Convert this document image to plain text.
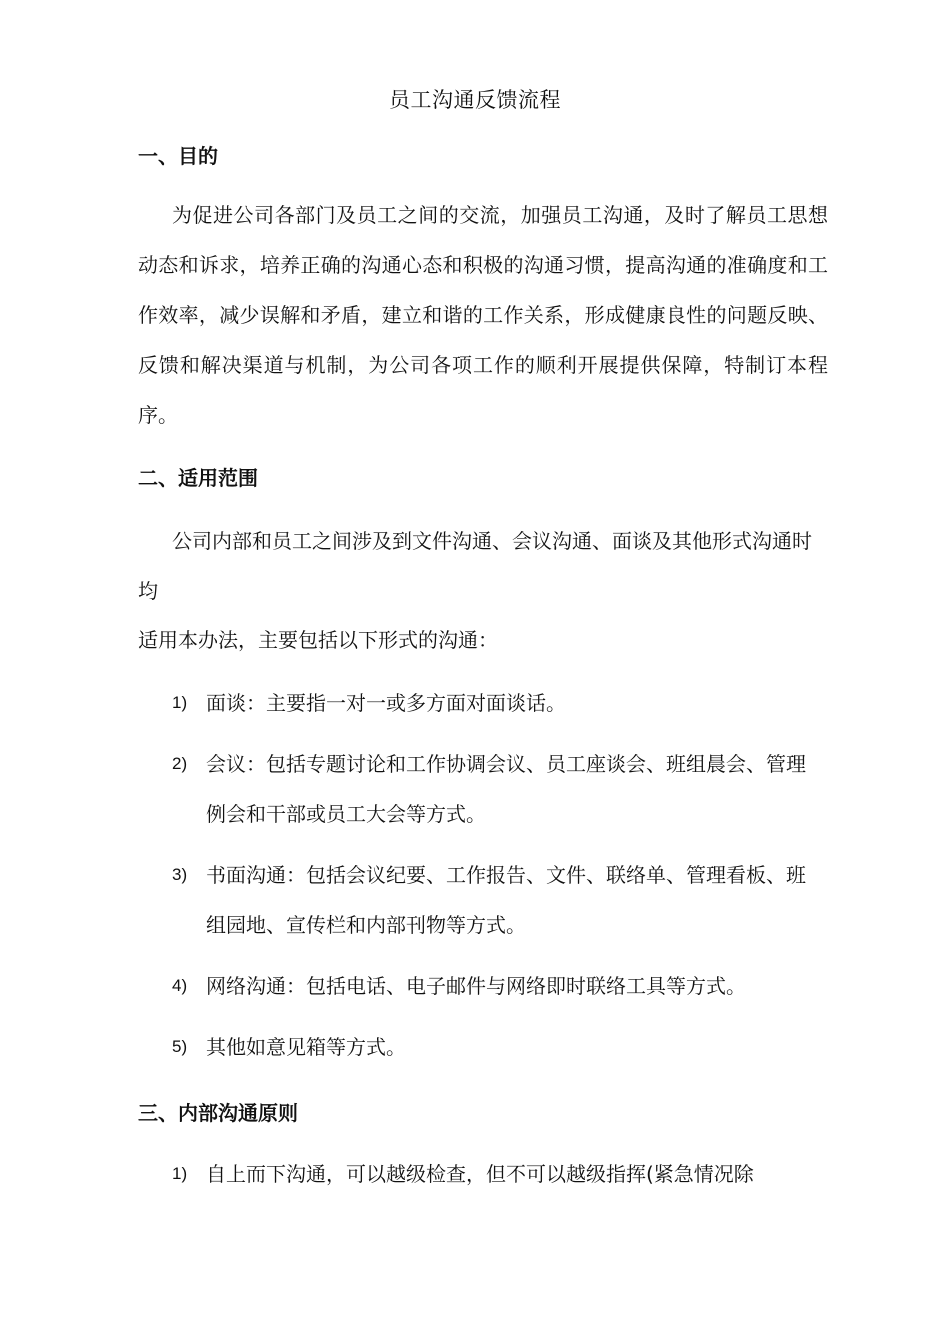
员工沟通反馈流程
一、目的
为促进公司各部门及员工之间的交流，加强员工沟通，及时了解员工思想动态和诉求，培养正确的沟通心态和积极的沟通习惯，提高沟通的准确度和工作效率，减少误解和矛盾，建立和谐的工作关系，形成健康良性的问题反映、反馈和解决渠道与机制，为公司各项工作的顺利开展提供保障，特制订本程序。
二、适用范围
公司内部和员工之间涉及到文件沟通、会议沟通、面谈及其他形式沟通时均
适用本办法，主要包括以下形式的沟通：
1) 面谈：主要指一对一或多方面对面谈话。
2) 会议：包括专题讨论和工作协调会议、员工座谈会、班组晨会、管理例会和干部或员工大会等方式。
3) 书面沟通：包括会议纪要、工作报告、文件、联络单、管理看板、班组园地、宣传栏和内部刊物等方式。
4) 网络沟通：包括电话、电子邮件与网络即时联络工具等方式。
5) 其他如意见箱等方式。
三、内部沟通原则
1) 自上而下沟通，可以越级检查，但不可以越级指挥(紧急情况除
